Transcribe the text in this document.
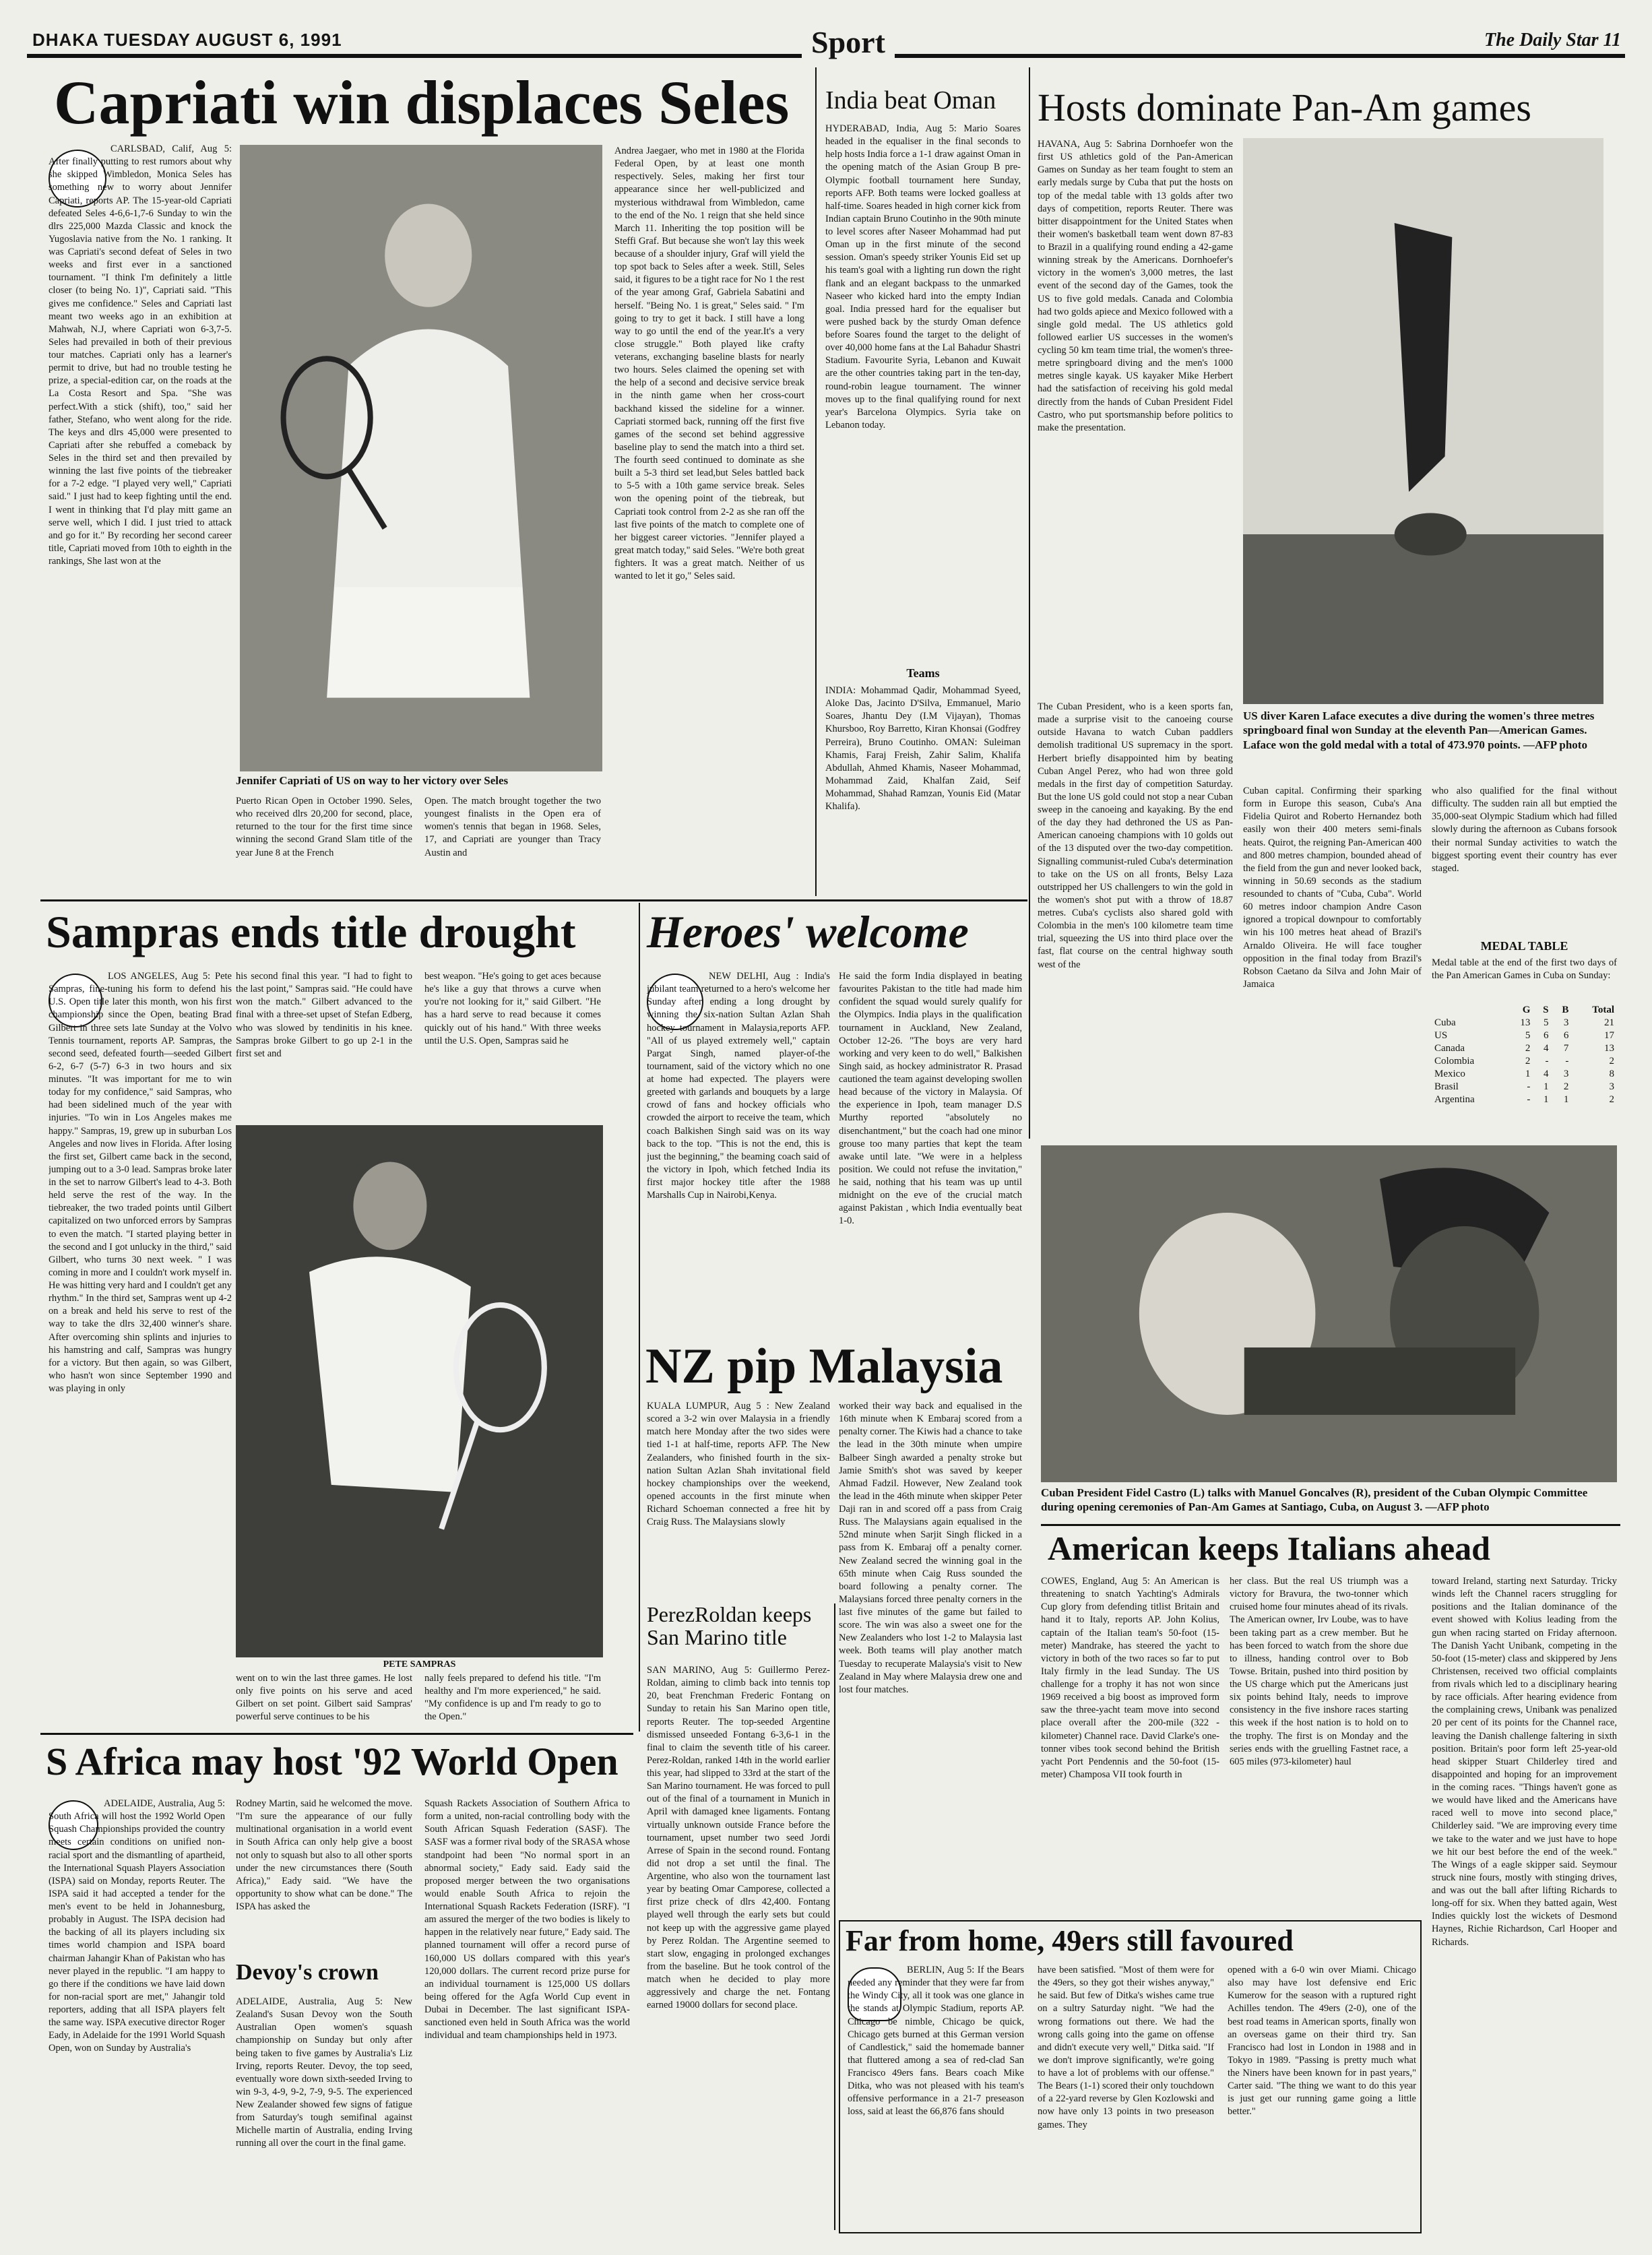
DHAKA TUESDAY AUGUST 6, 1991	Sport	The Daily Star 11
Capriati win displaces Seles
CARLSBAD, Calif, Aug 5: After finally putting to rest rumors about why she skipped Wimbledon, Monica Seles has something new to worry about Jennifer Capriati, reports AP. The 15-year-old Capriati defeated Seles 4-6,6-1,7-6 Sunday to win the dlrs 225,000 Mazda Classic and knock the Yugoslavia native from the No. 1 ranking. It was Capriati's second defeat of Seles in two weeks and first ever in a sanctioned tournament. "I think I'm definitely a little closer (to being No. 1)", Capriati said. "This gives me confidence." Seles and Capriati last meant two weeks ago in an exhibition at Mahwah, N.J, where Capriati won 6-3,7-5. Seles had prevailed in both of their previous tour matches. Capriati only has a learner's permit to drive, but had no trouble testing he prize, a special-edition car, on the roads at the La Costa Resort and Spa. "She was perfect.With a stick (shift), too," said her father, Stefano, who went along for the ride. The keys and dlrs 45,000 were presented to Capriati after she rebuffed a comeback by Seles in the third set and then prevailed by winning the last five points of the tiebreaker for a 7-2 edge. "I played very well," Capriati said." I just had to keep fighting until the end. I went in thinking that I'd play mitt game an serve well, which I did. I just tried to attack and go for it." By recording her second career title, Capriati moved from 10th to eighth in the rankings, She last won at the
Jennifer Capriati of US on way to her victory over Seles
Puerto Rican Open in October 1990. Seles, who received dlrs 20,200 for second, place, returned to the tour for the first time since winning the second Grand Slam title of the year June 8 at the French
Open. The match brought together the two youngest finalists in the Open era of women's tennis that began in 1968. Seles, 17, and Capriati are younger than Tracy Austin and
Andrea Jaegaer, who met in 1980 at the Florida Federal Open, by at least one month respectively. Seles, making her first tour appearance since her well-publicized and mysterious withdrawal from Wimbledon, came to the end of the No. 1 reign that she held since March 11. Inheriting the top position will be Steffi Graf. But because she won't lay this week because of a shoulder injury, Graf will yield the top spot back to Seles after a week. Still, Seles said, it figures to be a tight race for No 1 the rest of the year among Graf, Gabriela Sabatini and herself. "Being No. 1 is great," Seles said. " I'm going to try to get it back. I still have a long way to go until the end of the year.It's a very close struggle." Both played like crafty veterans, exchanging baseline blasts for nearly two hours. Seles claimed the opening set with the help of a second and decisive service break in the ninth game when her cross-court backhand kissed the sideline for a winner. Capriati stormed back, running off the first five games of the second set behind aggressive baseline play to send the match into a third set. The fourth seed continued to dominate as she built a 5-3 third set lead,but Seles battled back to 5-5 with a 10th game service break. Seles won the opening point of the tiebreak, but Capriati took control from 2-2 as she ran off the last five points of the match to complete one of her biggest career victories. "Jennifer played a great match today," said Seles. "We're both great fighters. It was a great match. Neither of us wanted to let it go," Seles said.
India beat Oman
HYDERABAD, India, Aug 5: Mario Soares headed in the equaliser in the final seconds to help hosts India force a 1-1 draw against Oman in the opening match of the Asian Group B pre-Olympic football tournament here Sunday, reports AFP. Both teams were locked goalless at half-time. Soares headed in high corner kick from Indian captain Bruno Coutinho in the 90th minute to level scores after Naseer Mohammad had put Oman up in the first minute of the second session. Oman's speedy striker Younis Eid set up his team's goal with a lighting run down the right flank and an elegant backpass to the unmarked Naseer who kicked hard into the empty Indian goal. India pressed hard for the equaliser but were pushed back by the sturdy Oman defence before Soares found the target to the delight of over 40,000 home fans at the Lal Bahadur Shastri Stadium. Favourite Syria, Lebanon and Kuwait are the other countries taking part in the ten-day, round-robin league tournament. The winner moves up to the final qualifying round for next year's Barcelona Olympics. Syria take on Lebanon today.
Teams
INDIA: Mohammad Qadir, Mohammad Syeed, Aloke Das, Jacinto D'Silva, Emmanuel, Mario Soares, Jhantu Dey (I.M Vijayan), Thomas Khursboo, Roy Barretto, Kiran Khonsai (Godfrey Perreira), Bruno Coutinho. OMAN: Suleiman Khamis, Faraj Freish, Zahir Salim, Khalifa Abdullah, Ahmed Khamis, Naseer Mohammad, Mohammad Zaid, Khalfan Zaid, Seif Mohammad, Shahad Ramzan, Younis Eid (Matar Khalifa).
Hosts dominate Pan-Am games
HAVANA, Aug 5: Sabrina Dornhoefer won the first US athletics gold of the Pan-American Games on Sunday as her team fought to stem an early medals surge by Cuba that put the hosts on top of the medal table with 13 golds after two days of competition, reports Reuter. There was bitter disappointment for the United States when their women's basketball team went down 87-83 to Brazil in a qualifying round ending a 42-game winning streak by the Americans. Dornhoefer's victory in the women's 3,000 metres, the last event of the second day of the Games, took the US to five gold medals. Canada and Colombia had two golds apiece and Mexico followed with a single gold medal. The US athletics gold followed earlier US successes in the women's cycling 50 km team time trial, the women's three-metre springboard diving and the men's 1000 metres single kayak. US kayaker Mike Herbert had the satisfaction of receiving his gold medal directly from the hands of Cuban President Fidel Castro, who put sportsmanship before politics to make the presentation.
US diver Karen Laface executes a dive during the women's three metres springboard final won Sunday at the eleventh Pan—American Games. Laface won the gold medal with a total of 473.970 points. —AFP photo
The Cuban President, who is a keen sports fan, made a surprise visit to the canoeing course outside Havana to watch Cuban paddlers demolish traditional US supremacy in the sport. Herbert briefly disappointed him by beating Cuban Angel Perez, who had won three gold medals in the first day of competition Saturday. But the lone US gold could not stop a near Cuban sweep in the canoeing and kayaking. By the end of the day they had dethroned the US as Pan-American canoeing champions with 10 golds out of the 13 disputed over the two-day competition. Signalling communist-ruled Cuba's determination to take on the US on all fronts, Belsy Laza outstripped her US challengers to win the gold in the women's shot put with a throw of 18.87 metres. Cuba's cyclists also shared gold with Colombia in the men's 100 kilometre team time trial, squeezing the US into third place over the fast, flat course on the central highway south west of the
Cuban capital. Confirming their sparking form in Europe this season, Cuba's Ana Fidelia Quirot and Roberto Hernandez both easily won their 400 meters semi-finals heats. Quirot, the reigning Pan-American 400 and 800 metres champion, bounded ahead of the field from the gun and never looked back, winning in 50.69 seconds as the stadium resounded to chants of "Cuba, Cuba". World 60 metres indoor champion Andre Cason ignored a tropical downpour to comfortably win his 100 metres heat ahead of Brazil's Arnaldo Oliveira. He will face tougher opposition in the final today from Brazil's Robson Caetano da Silva and John Mair of Jamaica
who also qualified for the final without difficulty. The sudden rain all but emptied the 35,000-seat Olympic Stadium which had filled slowly during the afternoon as Cubans forsook their normal Sunday activities to watch the biggest sporting event their country has ever staged.
MEDAL TABLE
Medal table at the end of the first two days of the Pan American Games in Cuba on Sunday:
	G	S	B	Total
Cuba	13	5	3	21
US	5	6	6	17
Canada	2	4	7	13
Colombia	2	-	-	2
Mexico	1	4	3	8
Brasil	-	1	2	3
Argentina	-	1	1	2
Cuban President Fidel Castro (L) talks with Manuel Goncalves (R), president of the Cuban Olympic Committee during opening ceremonies of Pan-Am Games at Santiago, Cuba, on August 3. —AFP photo
Sampras ends title drought
LOS ANGELES, Aug 5: Pete Sampras, fine-tuning his form to defend his U.S. Open title later this month, won his first championship since the Open, beating Brad Gilbert in three sets late Sunday at the Volvo Tennis tournament, reports AP. Sampras, the second seed, defeated fourth—seeded Gilbert 6-2, 6-7 (5-7) 6-3 in two hours and six minutes. "It was important for me to win today for my confidence," said Sampras, who had been sidelined much of the year with injuries. "To win in Los Angeles makes me happy." Sampras, 19, grew up in suburban Los Angeles and now lives in Florida. After losing the first set, Gilbert came back in the second, jumping out to a 3-0 lead. Sampras broke later in the set to narrow Gilbert's lead to 4-3. Both held serve the rest of the way. In the tiebreaker, the two traded points until Gilbert capitalized on two unforced errors by Sampras to even the match. "I started playing better in the second and I got unlucky in the third," said Gilbert, who turns 30 next week. " I was coming in more and I couldn't work myself in. He was hitting very hard and I couldn't get any rhythm." In the third set, Sampras went up 4-2 on a break and held his serve to rest of the way to take the dlrs 32,400 winner's share. After overcoming shin splints and injuries to his hamstring and calf, Sampras was hungry for a victory. But then again, so was Gilbert, who hasn't won since September 1990 and was playing in only
his second final this year. "I had to fight to the last point," Sampras said. "He could have won the match." Gilbert advanced to the final with a three-set upset of Stefan Edberg, who was slowed by tendinitis in his knee. Sampras broke Gilbert to go up 2-1 in the first set and
best weapon. "He's going to get aces because he's like a guy that throws a curve when you're not looking for it," said Gilbert. "He has a hard serve to read because it comes quickly out of his hand." With three weeks until the U.S. Open, Sampras said he
PETE SAMPRAS
went on to win the last three games. He lost only five points on his serve and aced Gilbert on set point. Gilbert said Sampras' powerful serve continues to be his
nally feels prepared to defend his title. "I'm healthy and I'm more experienced," he said. "My confidence is up and I'm ready to go to the Open."
Heroes' welcome
NEW DELHI, Aug : India's jubilant team returned to a hero's welcome her Sunday after ending a long drought by winning the six-nation Sultan Azlan Shah hockey tournament in Malaysia,reports AFP. "All of us played extremely well," captain Pargat Singh, named player-of-the tournament, said of the victory which no one at home had expected. The players were greeted with garlands and bouquets by a large crowd of fans and hockey officials who crowded the airport to receive the team, which coach Balkishen Singh said was on its way back to the top. "This is not the end, this is just the beginning," the beaming coach said of the victory in Ipoh, which fetched India its first major hockey title after the 1988 Marshalls Cup in Nairobi,Kenya.
He said the form India displayed in beating favourites Pakistan to the title had made him confident the squad would surely qualify for the Olympics. India plays in the qualification tournament in Auckland, New Zealand, October 12-26. "The boys are very hard working and very keen to do well," Balkishen Singh said, as hockey administrator R. Prasad cautioned the team against developing swollen head because of the victory in Malaysia. Of the experience in Ipoh, team manager D.S Murthy reported "absolutely no disenchantment," but the coach had one minor grouse too many parties that kept the team awake until late. "We were in a helpless position. We could not refuse the invitation," he said, nothing that his team was up until midnight on the eve of the crucial match against Pakistan , which India eventually beat 1-0.
NZ pip Malaysia
KUALA LUMPUR, Aug 5 : New Zealand scored a 3-2 win over Malaysia in a friendly match here Monday after the two sides were tied 1-1 at half-time, reports AFP. The New Zealanders, who finished fourth in the six-nation Sultan Azlan Shah invitational field hockey championships over the weekend, opened accounts in the first minute when Richard Schoeman connected a free hit by Craig Russ. The Malaysians slowly
PerezRoldan keeps San Marino title
SAN MARINO, Aug 5: Guillermo Perez- Roldan, aiming to climb back into tennis top 20, beat Frenchman Frederic Fontang on Sunday to retain his San Marino open title, reports Reuter. The top-seeded Argentine dismissed unseeded Fontang 6-3,6-1 in the final to claim the seventh title of his career. Perez-Roldan, ranked 14th in the world earlier this year, had slipped to 33rd at the start of the San Marino tournament. He was forced to pull out of the final of a tournament in Munich in April with damaged knee ligaments. Fontang virtually unknown outside France before the tournament, upset number two seed Jordi Arrese of Spain in the second round. Fontang did not drop a set until the final. The Argentine, who also won the tournament last year by beating Omar Camporese, collected a first prize check of dlrs 42,400. Fontang played well through the early sets but could not keep up with the aggressive game played by Perez Roldan. The Argentine seemed to start slow, engaging in prolonged exchanges from the baseline. But he took control of the match when he decided to play more aggressively and charge the net. Fontang earned 19000 dollars for second place.
worked their way back and equalised in the 16th minute when K Embaraj scored from a penalty corner. The Kiwis had a chance to take the lead in the 30th minute when umpire Balbeer Singh awarded a penalty stroke but Jamie Smith's shot was saved by keeper Ahmad Fadzil. However, New Zealand took the lead in the 46th minute when skipper Peter Daji ran in and scored off a pass from Craig Russ. The Malaysians again equalised in the 52nd minute when Sarjit Singh flicked in a pass from K. Embaraj off a penalty corner. New Zealand secred the winning goal in the 65th minute when Caig Russ sounded the board following a penalty corner. The Malaysians forced three penalty corners in the last five minutes of the game but failed to score. The win was also a sweet one for the New Zealanders who lost 1-2 to Malaysia last week. Both teams will play another match Tuesday to recuperate Malaysia's visit to New Zealand in May where Malaysia drew one and lost four matches.
American keeps Italians ahead
COWES, England, Aug 5: An American is threatening to snatch Yachting's Admirals Cup glory from defending titlist Britain and hand it to Italy, reports AP. John Kolius, captain of the Italian team's 50-foot (15-meter) Mandrake, has steered the yacht to victory in both of the two races so far to put Italy firmly in the lead Sunday. The US challenge for a trophy it has not won since 1969 received a big boost as improved form saw the three-yacht team move into second place overall after the 200-mile (322 -kilometer) Channel race. David Clarke's one-tonner vibes took second behind the British yacht Port Pendennis and the 50-foot (15-meter) Champosa VII took fourth in
her class. But the real US triumph was a victory for Bravura, the two-tonner which cruised home four minutes ahead of its rivals. The American owner, Irv Loube, was to have been taking part as a crew member. But he has been forced to watch from the shore due to illness, handing control over to Bob Towse. Britain, pushed into third position by the US charge which put the Americans just six points behind Italy, needs to improve consistency in the five inshore races starting this week if the host nation is to hold on to the trophy. The first is on Monday and the series ends with the gruelling Fastnet race, a 605 miles (973-kilometer) haul
toward Ireland, starting next Saturday. Tricky winds left the Channel racers struggling for positions and the Italian dominance of the event showed with Kolius leading from the gun when racing started on Friday afternoon. The Danish Yacht Unibank, competing in the 50-foot (15-meter) class and skippered by Jens Christensen, received two official complaints from rivals which led to a disciplinary hearing by race officials. After hearing evidence from the complaining crews, Unibank was penalized 20 per cent of its points for the Channel race, leaving the Danish challenge faltering in sixth position. Britain's poor form left 25-year-old head skipper Stuart Childerley tired and disappointed and hoping for an improvement in the coming races. "Things haven't gone as we would have liked and the Americans have raced well to move into second place," Childerley said. "We are improving every time we take to the water and we just have to hope we hit our best before the end of the week." The Wings of a eagle skipper said. Seymour struck nine fours, mostly with stinging drives, and was out the ball after lifting Richards to long-off for six. When they batted again, West Indies quickly lost the wickets of Desmond Haynes, Richie Richardson, Carl Hooper and Richards.
S Africa may host '92 World Open
ADELAIDE, Australia, Aug 5: South Africa will host the 1992 World Open Squash Championships provided the country meets certain conditions on unified non-racial sport and the dismantling of apartheid, the International Squash Players Association (ISPA) said on Monday, reports Reuter. The ISPA said it had accepted a tender for the men's event to be held in Johannesburg, probably in August. The ISPA decision had the backing of all its players including six times world champion and ISPA board chairman Jahangir Khan of Pakistan who has never played in the republic. "I am happy to go there if the conditions we have laid down for non-racial sport are met," Jahangir told reporters, adding that all ISPA players felt the same way. ISPA executive director Roger Eady, in Adelaide for the 1991 World Squash Open, won on Sunday by Australia's
Rodney Martin, said he welcomed the move. "I'm sure the appearance of our fully multinational organisation in a world event in South Africa can only help give a boost not only to squash but also to all other sports under the new circumstances there (South Africa)," Eady said. "We have the opportunity to show what can be done." The ISPA has asked the
Devoy's crown
ADELAIDE, Australia, Aug 5: New Zealand's Susan Devoy won the South Australian Open women's squash championship on Sunday but only after being taken to five games by Australia's Liz Irving, reports Reuter. Devoy, the top seed, eventually wore down sixth-seeded Irving to win 9-3, 4-9, 9-2, 7-9, 9-5. The experienced New Zealander showed few signs of fatigue from Saturday's tough semifinal against Michelle martin of Australia, ending Irving running all over the court in the final game.
Squash Rackets Association of Southern Africa to form a united, non-racial controlling body with the South African Squash Federation (SASF). The SASF was a former rival body of the SRASA whose standpoint had been "No normal sport in an abnormal society," Eady said. Eady said the proposed merger between the two organisations would enable South Africa to rejoin the International Squash Rackets Federation (ISRF). "I am assured the merger of the two bodies is likely to happen in the relatively near future," Eady said. The planned tournament will offer a record purse of 160,000 US dollars compared with this year's 120,000 dollars. The current record prize purse for an individual tournament is 125,000 US dollars being offered for the Agfa World Cup event in Dubai in December. The last significant ISPA-sanctioned even held in South Africa was the world individual and team championships held in 1973.
Far from home, 49ers still favoured
BERLIN, Aug 5: If the Bears needed any reminder that they were far from the Windy City, all it took was one glance in the stands at Olympic Stadium, reports AP. Chicago be nimble, Chicago be quick, Chicago gets burned at this German version of Candlestick," said the homemade banner that fluttered among a sea of red-clad San Francisco 49ers fans. Bears coach Mike Ditka, who was not pleased with his team's offensive performance in a 21-7 preseason loss, said at least the 66,876 fans should
have been satisfied. "Most of them were for the 49ers, so they got their wishes anyway," he said. But few of Ditka's wishes came true on a sultry Saturday night. "We had the wrong formations out there. We had the wrong calls going into the game on offense and didn't execute very well," Ditka said. "If we don't improve significantly, we're going to have a lot of problems with our offense." The Bears (1-1) scored their only touchdown of a 22-yard reverse by Glen Kozlowski and now have only 13 points in two preseason games. They
opened with a 6-0 win over Miami. Chicago also may have lost defensive end Eric Kumerow for the season with a ruptured right Achilles tendon. The 49ers (2-0), one of the best road teams in American sports, finally won an overseas game on their third try. San Francisco had lost in London in 1988 and in Tokyo in 1989. "Passing is pretty much what the Niners have been known for in past years," Carter said. "The thing we want to do this year is just get our running game going a little better."
